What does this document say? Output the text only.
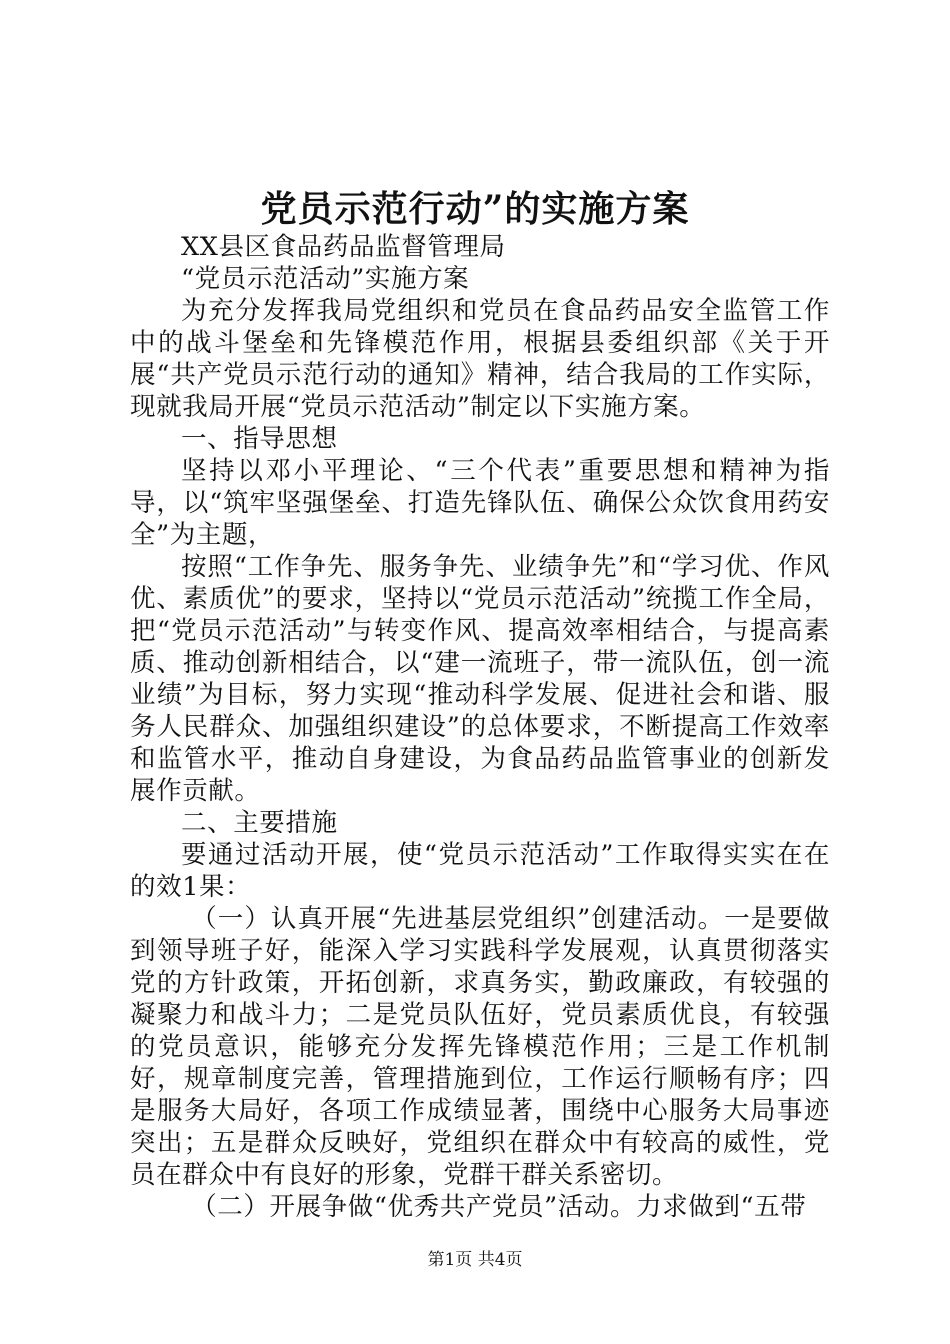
党员示范行动”的实施方案

XX县区食品药品监督管理局

“党员示范活动”实施方案

为充分发挥我局党组织和党员在食品药品安全监管工作中的战斗堡垒和先锋模范作用，根据县委组织部《关于开展“共产党员示范行动的通知》精神，结合我局的工作实际，现就我局开展“党员示范活动”制定以下实施方案。

一、指导思想

坚持以邓小平理论、“三个代表”重要思想和精神为指导，以“筑牢坚强堡垒、打造先锋队伍、确保公众饮食用药安全”为主题，

按照“工作争先、服务争先、业绩争先”和“学习优、作风优、素质优”的要求，坚持以“党员示范活动”统揽工作全局，把“党员示范活动”与转变作风、提高效率相结合，与提高素质、推动创新相结合，以“建一流班子，带一流队伍，创一流业绩”为目标，努力实现“推动科学发展、促进社会和谐、服务人民群众、加强组织建设”的总体要求，不断提高工作效率和监管水平，推动自身建设，为食品药品监管事业的创新发展作贡献。

二、主要措施

要通过活动开展，使“党员示范活动”工作取得实实在在的效1果：

（一）认真开展“先进基层党组织”创建活动。一是要做到领导班子好，能深入学习实践科学发展观，认真贯彻落实党的方针政策，开拓创新，求真务实，勤政廉政，有较强的凝聚力和战斗力；二是党员队伍好，党员素质优良，有较强的党员意识，能够充分发挥先锋模范作用；三是工作机制好，规章制度完善，管理措施到位，工作运行顺畅有序；四是服务大局好，各项工作成绩显著，围绕中心服务大局事迹突出；五是群众反映好，党组织在群众中有较高的威性，党员在群众中有良好的形象，党群干群关系密切。

（二）开展争做“优秀共产党员”活动。力求做到“五带

第1页 共4页
